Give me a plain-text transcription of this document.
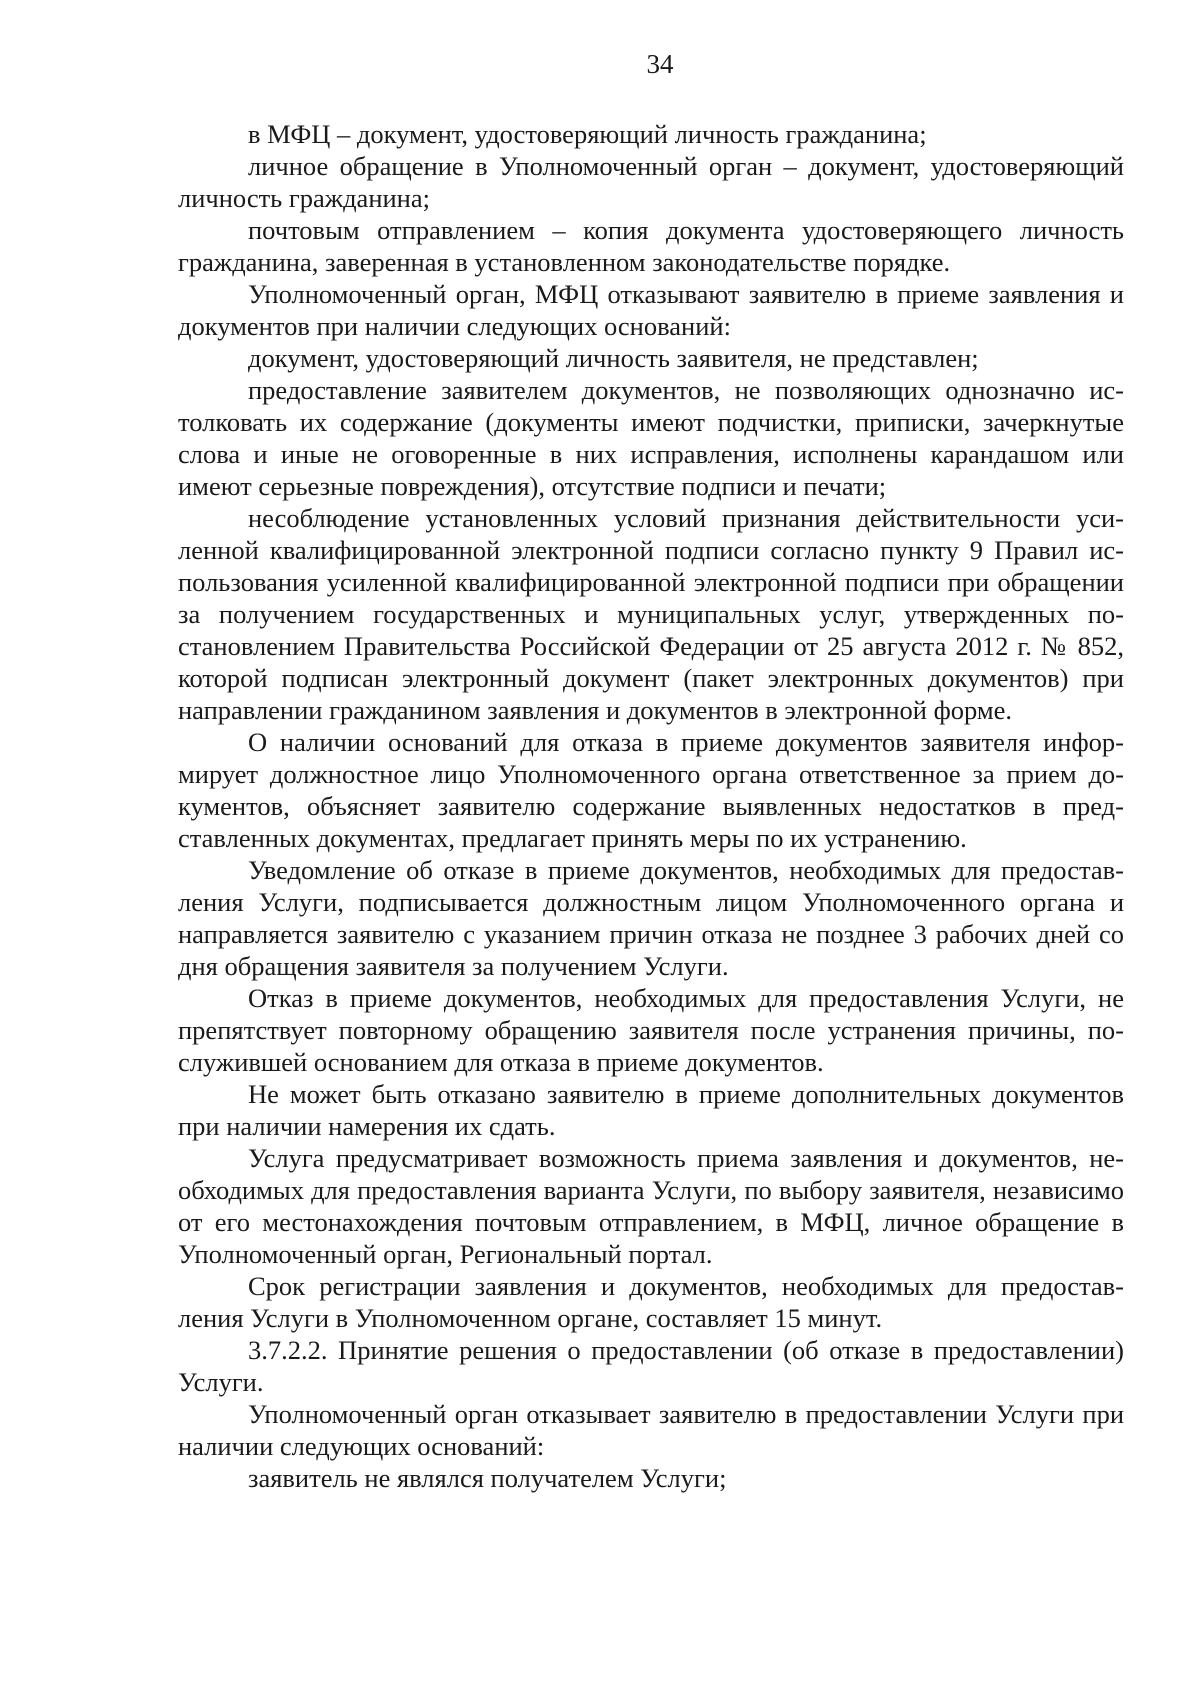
34

в МФЦ – документ, удостоверяющий личность гражданина;

личное обращение в Уполномоченный орган – документ, удостоверяющий личность гражданина;

почтовым отправлением – копия документа удостоверяющего личность гражданина, заверенная в установленном законодательстве порядке.

Уполномоченный орган, МФЦ отказывают заявителю в приеме заявления и документов при наличии следующих оснований:

документ, удостоверяющий личность заявителя, не представлен;

предоставление заявителем документов, не позволяющих однозначно истолковать их содержание (документы имеют подчистки, приписки, зачеркнутые слова и иные не оговоренные в них исправления, исполнены карандашом или имеют серьезные повреждения), отсутствие подписи и печати;

несоблюдение установленных условий признания действительности усиленной квалифицированной электронной подписи согласно пункту 9 Правил использования усиленной квалифицированной электронной подписи при обращении за получением государственных и муниципальных услуг, утвержденных постановлением Правительства Российской Федерации от 25 августа 2012 г. № 852, которой подписан электронный документ (пакет электронных документов) при направлении гражданином заявления и документов в электронной форме.

О наличии оснований для отказа в приеме документов заявителя информирует должностное лицо Уполномоченного органа ответственное за прием документов, объясняет заявителю содержание выявленных недостатков в представленных документах, предлагает принять меры по их устранению.

Уведомление об отказе в приеме документов, необходимых для предоставления Услуги, подписывается должностным лицом Уполномоченного органа и направляется заявителю с указанием причин отказа не позднее 3 рабочих дней со дня обращения заявителя за получением Услуги.

Отказ в приеме документов, необходимых для предоставления Услуги, не препятствует повторному обращению заявителя после устранения причины, послужившей основанием для отказа в приеме документов.

Не может быть отказано заявителю в приеме дополнительных документов при наличии намерения их сдать.

Услуга предусматривает возможность приема заявления и документов, необходимых для предоставления варианта Услуги, по выбору заявителя, независимо от его местонахождения почтовым отправлением, в МФЦ, личное обращение в Уполномоченный орган, Региональный портал.

Срок регистрации заявления и документов, необходимых для предоставления Услуги в Уполномоченном органе, составляет 15 минут.

3.7.2.2. Принятие решения о предоставлении (об отказе в предоставлении) Услуги.

Уполномоченный орган отказывает заявителю в предоставлении Услуги при наличии следующих оснований:

заявитель не являлся получателем Услуги;
